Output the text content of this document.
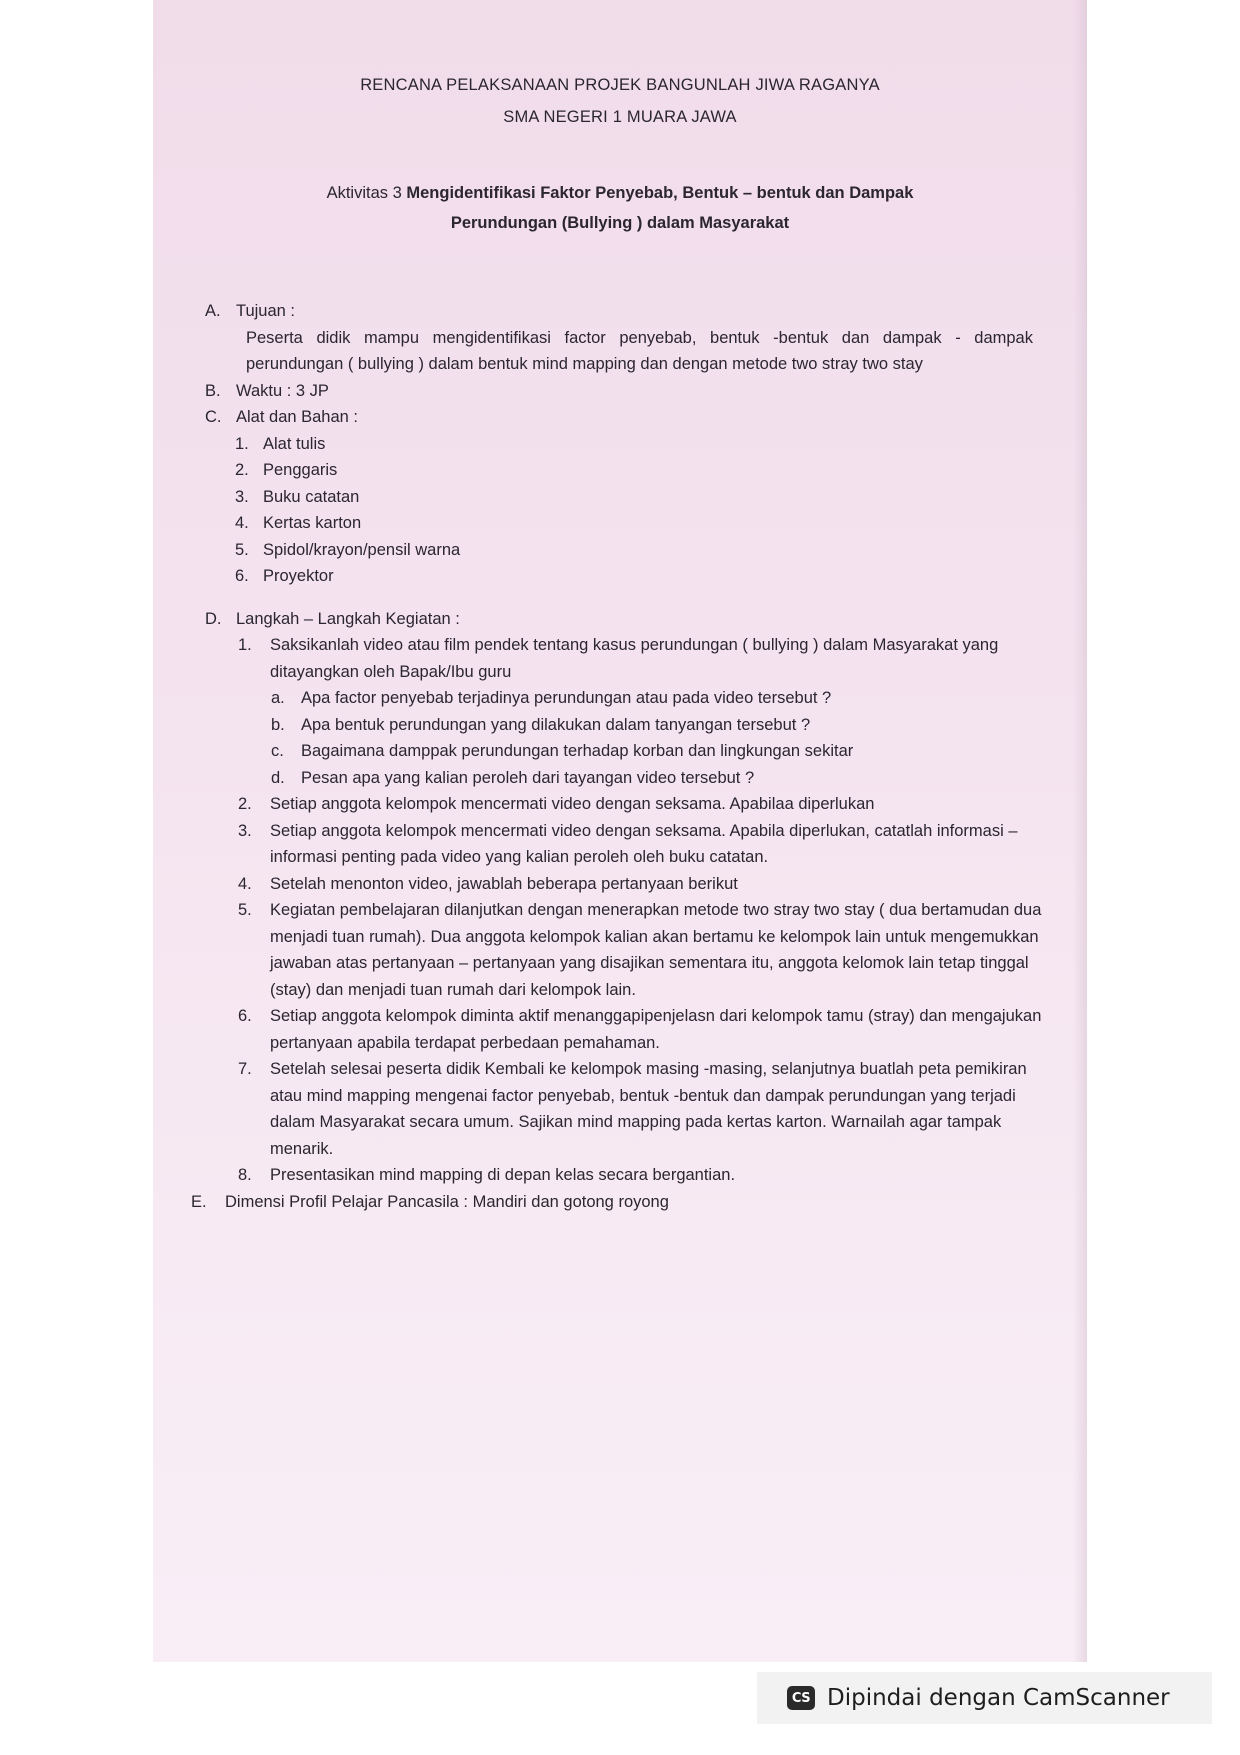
RENCANA PELAKSANAAN PROJEK BANGUNLAH JIWA RAGANYA
SMA NEGERI 1 MUARA JAWA
Aktivitas 3 Mengidentifikasi Faktor Penyebab, Bentuk – bentuk dan Dampak
Perundungan (Bullying ) dalam Masyarakat
A. Tujuan :
Peserta didik mampu mengidentifikasi factor penyebab, bentuk -bentuk dan dampak - dampak perundungan ( bullying ) dalam bentuk mind mapping dan dengan metode two stray two stay
B. Waktu : 3 JP
C. Alat dan Bahan :
1. Alat tulis
2. Penggaris
3. Buku catatan
4. Kertas karton
5. Spidol/krayon/pensil warna
6. Proyektor
D. Langkah – Langkah Kegiatan :
1.	Saksikanlah video atau film pendek tentang kasus perundungan ( bullying ) dalam Masyarakat yang ditayangkan oleh Bapak/Ibu guru
a. Apa factor penyebab terjadinya perundungan atau pada video tersebut ?
b. Apa bentuk perundungan yang dilakukan dalam tanyangan tersebut ?
c.	Bagaimana damppak perundungan terhadap korban dan lingkungan sekitar
d. Pesan apa yang kalian peroleh dari tayangan video tersebut ?
2.	Setiap anggota kelompok mencermati video dengan seksama. Apabilaa diperlukan
3.	Setiap anggota kelompok mencermati video dengan seksama. Apabila diperlukan, catatlah informasi – informasi penting pada video yang kalian peroleh oleh buku catatan.
4.	Setelah menonton video, jawablah beberapa pertanyaan berikut
5.	Kegiatan pembelajaran dilanjutkan dengan menerapkan metode two stray two stay ( dua bertamudan dua menjadi tuan rumah). Dua anggota kelompok kalian akan bertamu ke kelompok lain untuk mengemukkan jawaban atas pertanyaan – pertanyaan yang disajikan sementara itu, anggota kelomok lain tetap tinggal (stay) dan menjadi tuan rumah dari kelompok lain.
6.	Setiap anggota kelompok diminta aktif menanggapipenjelasn dari kelompok tamu (stray) dan mengajukan pertanyaan apabila terdapat perbedaan pemahaman.
7.	Setelah selesai peserta didik Kembali ke kelompok masing -masing, selanjutnya buatlah peta pemikiran atau mind mapping mengenai factor penyebab, bentuk -bentuk dan dampak perundungan yang terjadi dalam Masyarakat secara umum. Sajikan mind mapping pada kertas karton. Warnailah agar tampak menarik.
8.	Presentasikan mind mapping di depan kelas secara bergantian.
E.	Dimensi Profil Pelajar Pancasila : Mandiri dan gotong royong
CS Dipindai dengan CamScanner
